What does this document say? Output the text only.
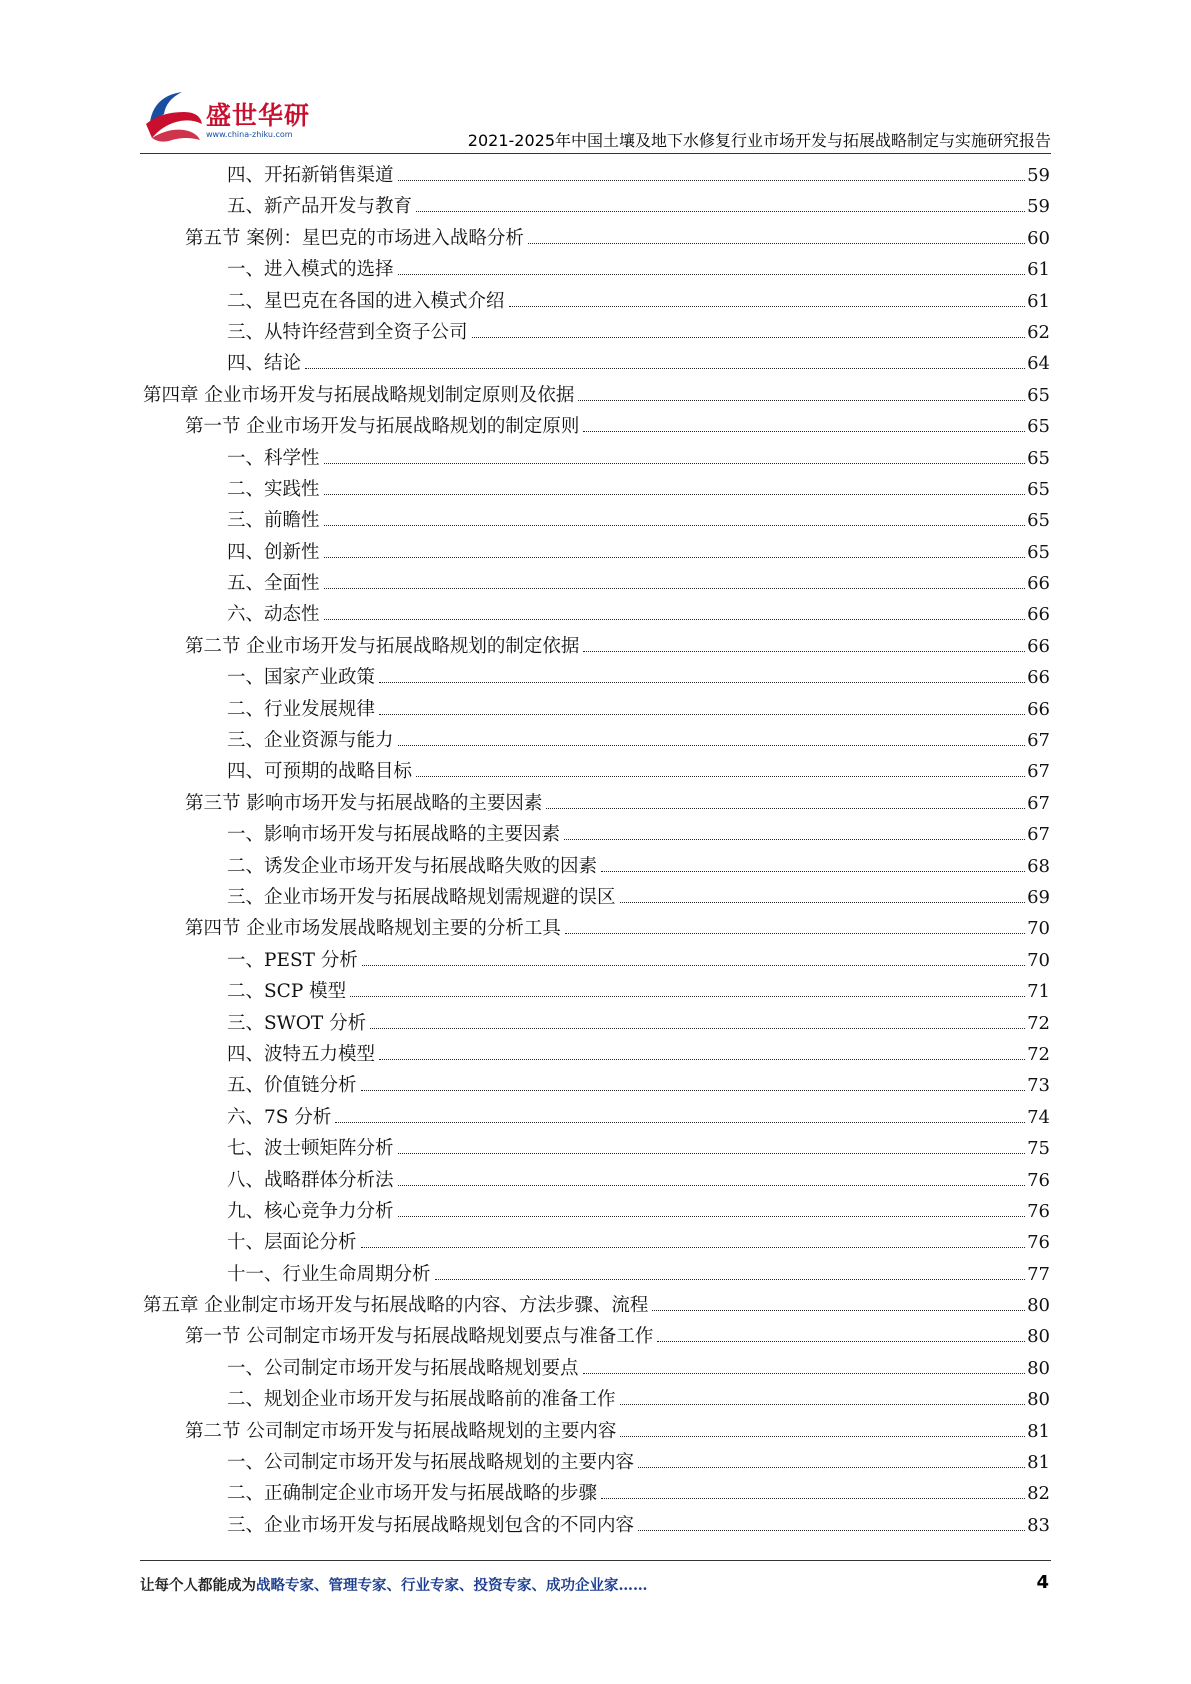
盛世华研
www.china-zhiku.com	2021-2025年中国土壤及地下水修复行业市场开发与拓展战略制定与实施研究报告
四、开拓新销售渠道	59
五、新产品开发与教育	59
第五节 案例：星巴克的市场进入战略分析	60
一、进入模式的选择	61
二、星巴克在各国的进入模式介绍	61
三、从特许经营到全资子公司	62
四、结论	64
第四章 企业市场开发与拓展战略规划制定原则及依据	65
第一节 企业市场开发与拓展战略规划的制定原则	65
一、科学性	65
二、实践性	65
三、前瞻性	65
四、创新性	65
五、全面性	66
六、动态性	66
第二节 企业市场开发与拓展战略规划的制定依据	66
一、国家产业政策	66
二、行业发展规律	66
三、企业资源与能力	67
四、可预期的战略目标	67
第三节 影响市场开发与拓展战略的主要因素	67
一、影响市场开发与拓展战略的主要因素	67
二、诱发企业市场开发与拓展战略失败的因素	68
三、企业市场开发与拓展战略规划需规避的误区	69
第四节 企业市场发展战略规划主要的分析工具	70
一、PEST 分析	70
二、SCP 模型	71
三、SWOT 分析	72
四、波特五力模型	72
五、价值链分析	73
六、7S 分析	74
七、波士顿矩阵分析	75
八、战略群体分析法	76
九、核心竞争力分析	76
十、层面论分析	76
十一、行业生命周期分析	77
第五章 企业制定市场开发与拓展战略的内容、方法步骤、流程	80
第一节 公司制定市场开发与拓展战略规划要点与准备工作	80
一、公司制定市场开发与拓展战略规划要点	80
二、规划企业市场开发与拓展战略前的准备工作	80
第二节 公司制定市场开发与拓展战略规划的主要内容	81
一、公司制定市场开发与拓展战略规划的主要内容	81
二、正确制定企业市场开发与拓展战略的步骤	82
三、企业市场开发与拓展战略规划包含的不同内容	83
让每个人都能成为战略专家、管理专家、行业专家、投资专家、成功企业家……	4
